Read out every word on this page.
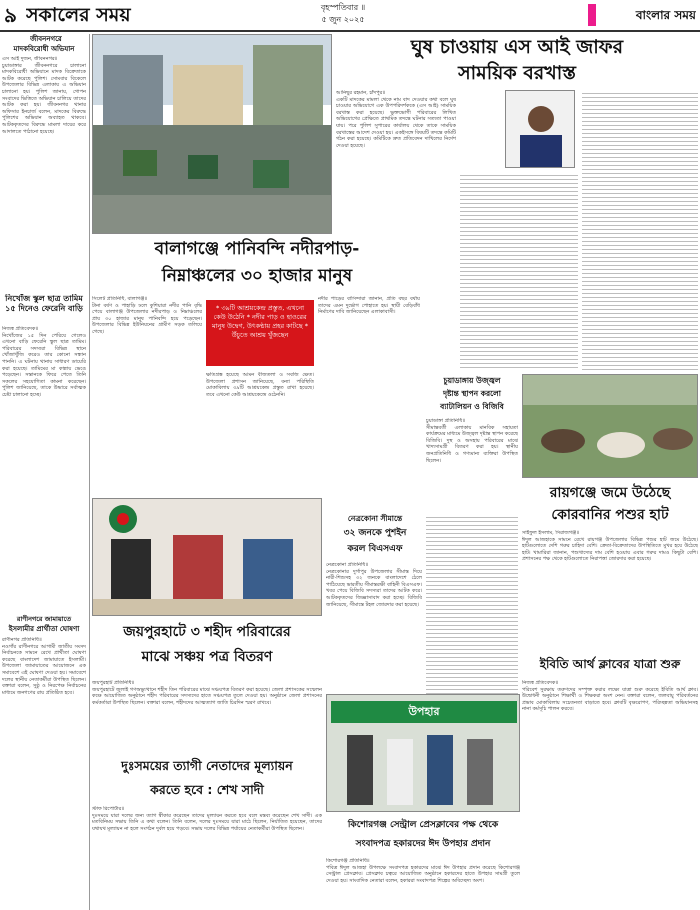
৯ সকালের সময়	বৃহস্পতিবার ॥
৫ জুন ২০২৫	বাংলার সময়
জীবননগরে
মাদকবিরোধী অভিযান
এস আই দুজন, জীবননগর॥
চুয়াডাঙ্গার জীবননগরে চালানো মাদকবিরোধী অভিযানে মাদক বিক্রেতাকে আটক করেছে পুলিশ। সোমবার বিকেলে উপজেলার বিভিন্ন এলাকায় এ অভিযান চালানো হয়। পুলিশ জানায়, গোপন সংবাদের ভিত্তিতে অভিযান চালিয়ে তাদের আটক করা হয়। জীবননগর থানার অফিসার ইনচার্জ বলেন, মাদকের বিরুদ্ধে পুলিশের অভিযান অব্যাহত থাকবে। আটককৃতদের বিরুদ্ধে মামলা দায়ের করে আদালতে পাঠানো হয়েছে।
নিখোঁজ স্কুল ছাত্র তামিম ১৫ দিনেও ফেরেনি বাড়ি
নিজস্ব প্রতিবেদক॥
নিখোঁজের ১৫ দিন পেরিয়ে গেলেও এখনো বাড়ি ফেরেনি স্কুল ছাত্র তামিম। পরিবারের সদস্যরা বিভিন্ন স্থানে খোঁজাখুঁজি করেও তার কোনো সন্ধান পাননি। এ ঘটনায় থানায় সাধারণ ডায়েরি করা হয়েছে। তামিমের মা কান্নায় ভেঙে পড়েছেন। সন্তানকে ফিরে পেতে তিনি সকলের সহযোগিতা কামনা করেছেন। পুলিশ জানিয়েছে, তাকে উদ্ধারে সর্বাত্মক চেষ্টা চালানো হচ্ছে।
রাণীনগরে জামায়াতে
ইসলামীর প্রার্থীতা ঘোষণা
রাণীনগর প্রতিনিধি॥
নওগাঁর রাণীনগরে আগামী জাতীয় সংসদ নির্বাচনকে সামনে রেখে প্রার্থীতা ঘোষণা করেছে বাংলাদেশ জামায়াতে ইসলামী। উপজেলা জামায়াতের আয়োজনে এক সমাবেশে এই ঘোষণা দেওয়া হয়। সমাবেশে দলের স্থানীয় নেতাকর্মীরা উপস্থিত ছিলেন। বক্তারা বলেন, সুষ্ঠু ও নিরপেক্ষ নির্বাচনের মাধ্যমে জনগণের রায় প্রতিষ্ঠিত হবে।
ঘুষ চাওয়ায় এস আই জাফর
সাময়িক বরখাস্ত
আনিছুর রহমান, চাঁদপুর॥
একটি মাদকের মামলা থেকে নাম বাদ দেওয়ার কথা বলে ঘুষ চাওয়ার অভিযোগে এক উপপরিদর্শককে (এস আই) সাময়িক বরখাস্ত করা হয়েছে। ভুক্তভোগী পরিবারের লিখিত অভিযোগের প্রেক্ষিতে প্রাথমিক তদন্তে ঘটনার সত্যতা পাওয়া যায়। পরে পুলিশ সুপারের কার্যালয় থেকে তাকে সাময়িক বরখাস্তের আদেশ দেওয়া হয়। একইসঙ্গে বিষয়টি তদন্তে কমিটি গঠন করা হয়েছে। কমিটিকে দ্রুত প্রতিবেদন দাখিলের নির্দেশ দেওয়া হয়েছে।
বালাগঞ্জে পানিবন্দি নদীরপাড়-
নিম্নাঞ্চলের ৩০ হাজার মানুষ
সিলেট প্রতিনিধি, বালাগঞ্জ॥
টানা বর্ষণ ও পাহাড়ি ঢলে কুশিয়ারা নদীর পানি বৃদ্ধি পেয়ে বালাগঞ্জ উপজেলার নদীরপাড় ও নিম্নাঞ্চলের প্রায় ৩০ হাজার মানুষ পানিবন্দি হয়ে পড়েছেন। উপজেলার বিভিন্ন ইউনিয়নের গ্রামীণ সড়ক তলিয়ে গেছে।
* ৩৯টি আশ্রয়কেন্দ্র প্রস্তুত, এখনো কেউ উঠেনি * নদীর পাড় ও হাওরের মানুষ উদ্বেগ, উৎকণ্ঠায় প্রহর কাটছে * উঁচুতে আশ্রয় খুঁজছেন
ক্ষতিগ্রস্ত হয়েছে আমন বীজতলা ও সবজি ক্ষেত। উপজেলা প্রশাসন জানিয়েছে, বন্যা পরিস্থিতি মোকাবিলায় ৩৯টি আশ্রয়কেন্দ্র প্রস্তুত রাখা হয়েছে। তবে এখনো কেউ আশ্রয়কেন্দ্রে ওঠেননি।
নদীর পাড়ের বাসিন্দারা জানান, প্রতি বছর বর্ষায় তাদের এমন দুর্ভোগ পোহাতে হয়। স্থায়ী বেড়িবাঁধ নির্মাণের দাবি জানিয়েছেন এলাকাবাসী।
চুয়াডাঙ্গায় উজ্জ্বল
দৃষ্টান্ত স্থাপন করলো
ব্যাটালিয়ন ও বিজিবি
চুয়াডাঙ্গা প্রতিনিধি॥
সীমান্তবর্তী এলাকায় মানবিক সহায়তা কার্যক্রমের মাধ্যমে উজ্জ্বল দৃষ্টান্ত স্থাপন করেছে বিজিবি। দুস্থ ও অসহায় পরিবারের মাঝে খাদ্যসামগ্রী বিতরণ করা হয়। স্থানীয় জনপ্রতিনিধি ও গণ্যমান্য ব্যক্তিরা উপস্থিত ছিলেন।
রায়গঞ্জে জমে উঠেছে
কোরবানির পশুর হাট
সাইফুল ইসলাম, সিরাজগঞ্জ॥
ঈদুল আজহাকে সামনে রেখে রায়গঞ্জ উপজেলার বিভিন্ন পশুর হাট জমে উঠেছে। হাটগুলোতে দেশি গরুর চাহিদা বেশি। ক্রেতা-বিক্রেতাদের উপস্থিতিতে মুখর হয়ে উঠেছে হাট। খামারিরা জানান, পশুখাদ্যের দাম বেশি হওয়ায় এবার গরুর দামও কিছুটা বেশি। প্রশাসনের পক্ষ থেকে হাটগুলোতে নিরাপত্তা জোরদার করা হয়েছে।
নেত্রকোনা সীমান্তে
৩২ জনকে পুশইন
করল বিএসএফ
নেত্রকোনা প্রতিনিধি॥
নেত্রকোনার দুর্গাপুর উপজেলার সীমান্ত দিয়ে নারী-শিশুসহ ৩২ জনকে বাংলাদেশে ঠেলে পাঠিয়েছে ভারতীয় সীমান্তরক্ষী বাহিনী বিএসএফ। খবর পেয়ে বিজিবি সদস্যরা তাদের আটক করে। আটককৃতদের জিজ্ঞাসাবাদ করা হচ্ছে। বিজিবি জানিয়েছে, সীমান্তে টহল জোরদার করা হয়েছে।
জয়পুরহাটে ৩ শহীদ পরিবারের
মাঝে সঞ্চয় পত্র বিতরণ
জয়পুরহাট প্রতিনিধি॥
জয়পুরহাটে জুলাই গণঅভ্যুত্থানে শহীদ তিন পরিবারের মাঝে সঞ্চয়পত্র বিতরণ করা হয়েছে। জেলা প্রশাসকের সম্মেলন কক্ষে আয়োজিত অনুষ্ঠানে শহীদ পরিবারের সদস্যদের হাতে সঞ্চয়পত্র তুলে দেওয়া হয়। অনুষ্ঠানে জেলা প্রশাসনের কর্মকর্তারা উপস্থিত ছিলেন। বক্তারা বলেন, শহীদদের আত্মত্যাগ জাতি চিরদিন স্মরণ রাখবে।
উপহার
দুঃসময়ের ত্যাগী নেতাদের মূল্যায়ন
করতে হবে : শেখ সাদী
স্টাফ রিপোর্টার॥
দুঃসময়ে যারা দলের জন্য ত্যাগ স্বীকার করেছেন তাদের মূল্যায়ন করতে হবে বলে মন্তব্য করেছেন শেখ সাদী। এক মতবিনিময় সভায় তিনি এ কথা বলেন। তিনি বলেন, দলের দুঃসময়ে যারা মাঠে ছিলেন, নির্যাতিত হয়েছেন, তাদের যথাযথ মূল্যায়ন না হলে সংগঠন দুর্বল হয়ে পড়বে। সভায় দলের বিভিন্ন পর্যায়ের নেতাকর্মীরা উপস্থিত ছিলেন।
ইবিতি আর্থ ক্লাবের যাত্রা শুরু
নিজস্ব প্রতিবেদক॥
পরিবেশ সুরক্ষায় তরুণদের সম্পৃক্ত করার লক্ষ্যে যাত্রা শুরু করেছে ইবিতি আর্থ ক্লাব। উদ্বোধনী অনুষ্ঠানে শিক্ষার্থী ও শিক্ষকরা অংশ নেন। বক্তারা বলেন, জলবায়ু পরিবর্তনের প্রভাব মোকাবিলায় সচেতনতা বাড়াতে হবে। ক্লাবটি বৃক্ষরোপণ, পরিচ্ছন্নতা অভিযানসহ নানা কর্মসূচি পালন করবে।
কিশোরগঞ্জ সেন্ট্রাল প্রেসক্লাবের পক্ষ থেকে
সংবাদপত্র হকারদের ঈদ উপহার প্রদান
কিশোরগঞ্জ প্রতিনিধি॥
পবিত্র ঈদুল আজহা উপলক্ষে সংবাদপত্র হকারদের মাঝে ঈদ উপহার প্রদান করেছে কিশোরগঞ্জ সেন্ট্রাল প্রেসক্লাব। প্রেসক্লাব চত্বরে আয়োজিত অনুষ্ঠানে হকারদের হাতে উপহার সামগ্রী তুলে দেওয়া হয়। সাংবাদিক নেতারা বলেন, হকাররা সংবাদপত্র শিল্পের অবিচ্ছেদ্য অংশ।
